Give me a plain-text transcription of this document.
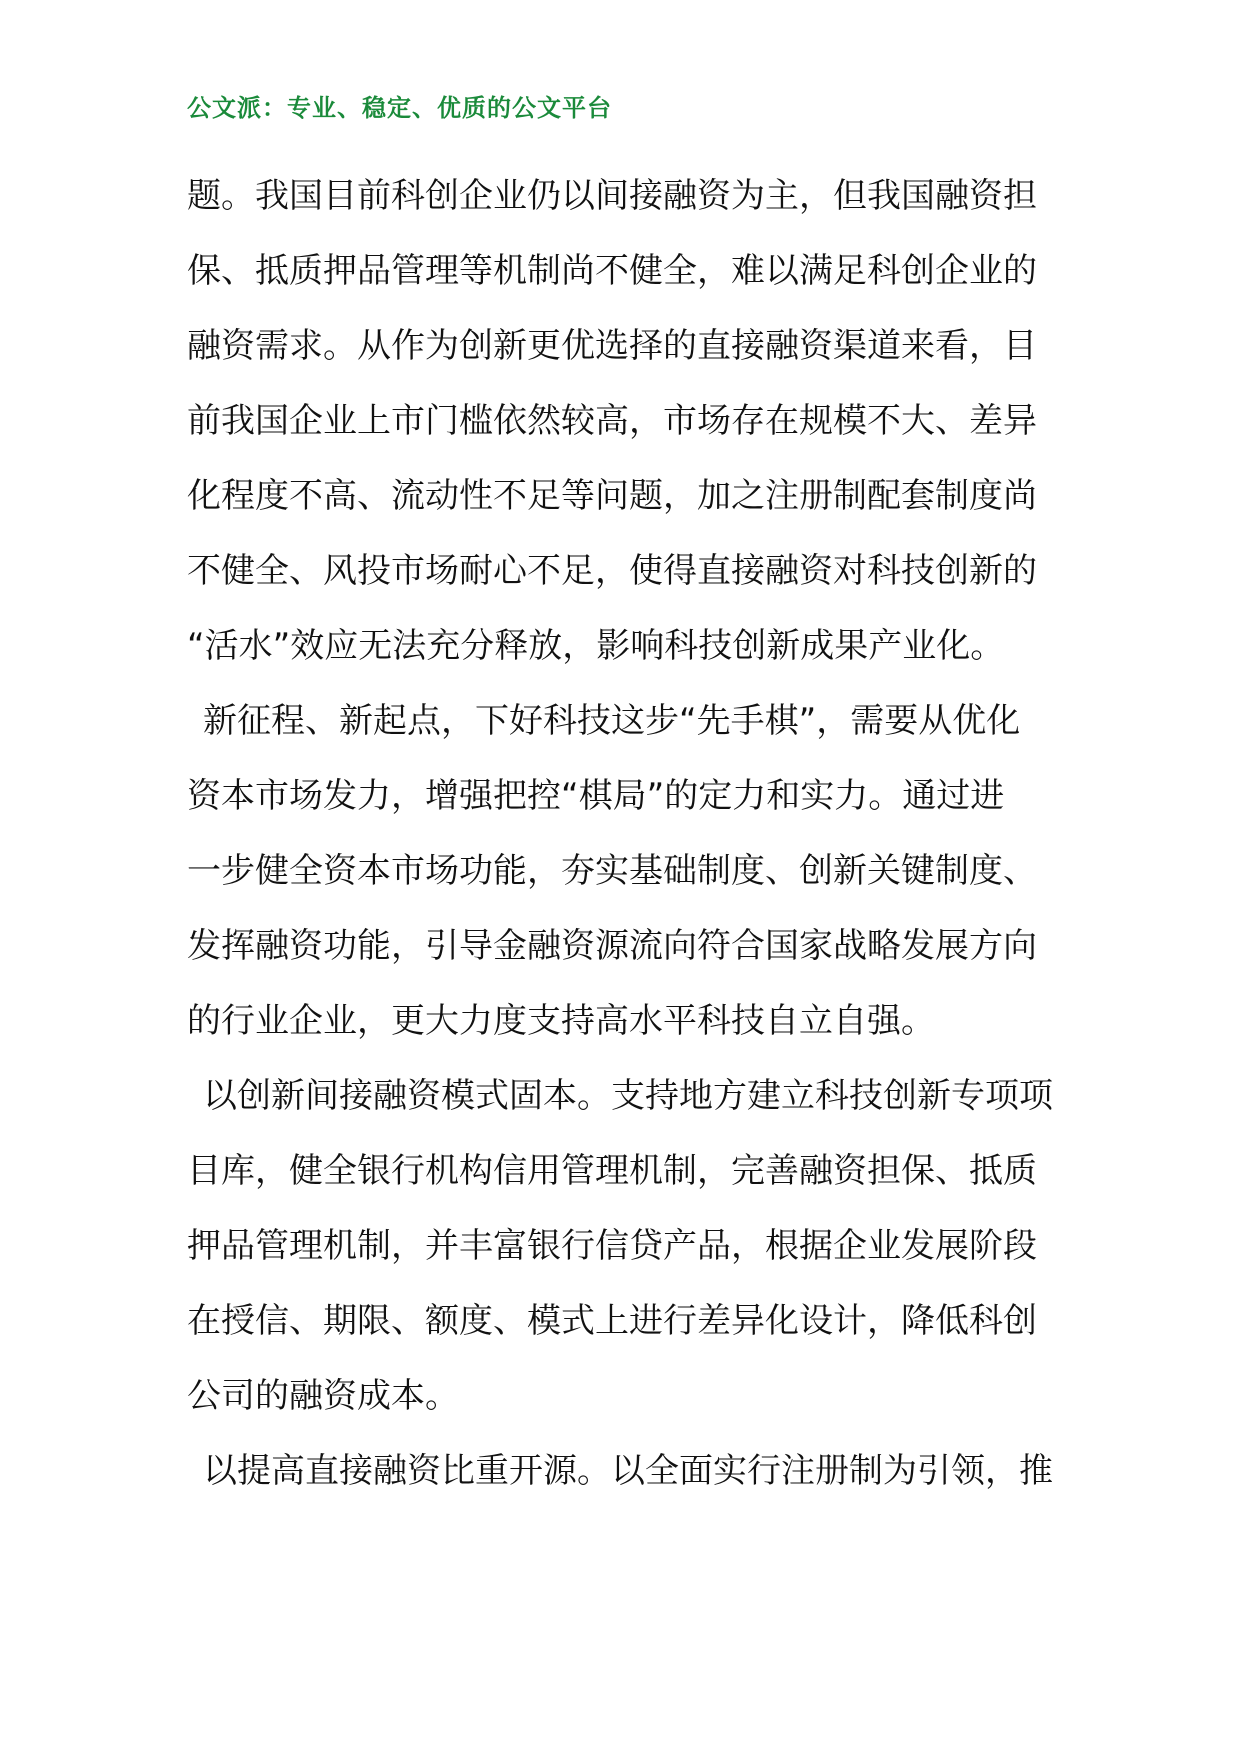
公文派：专业、稳定、优质的公文平台
题。我国目前科创企业仍以间接融资为主，但我国融资担
保、抵质押品管理等机制尚不健全，难以满足科创企业的
融资需求。从作为创新更优选择的直接融资渠道来看，目
前我国企业上市门槛依然较高，市场存在规模不大、差异
化程度不高、流动性不足等问题，加之注册制配套制度尚
不健全、风投市场耐心不足，使得直接融资对科技创新的
“活水”效应无法充分释放，影响科技创新成果产业化。
新征程、新起点，下好科技这步“先手棋”，需要从优化
资本市场发力，增强把控“棋局”的定力和实力。通过进
一步健全资本市场功能，夯实基础制度、创新关键制度、
发挥融资功能，引导金融资源流向符合国家战略发展方向
的行业企业，更大力度支持高水平科技自立自强。
以创新间接融资模式固本。支持地方建立科技创新专项项
目库，健全银行机构信用管理机制，完善融资担保、抵质
押品管理机制，并丰富银行信贷产品，根据企业发展阶段
在授信、期限、额度、模式上进行差异化设计，降低科创
公司的融资成本。
以提高直接融资比重开源。以全面实行注册制为引领，推
